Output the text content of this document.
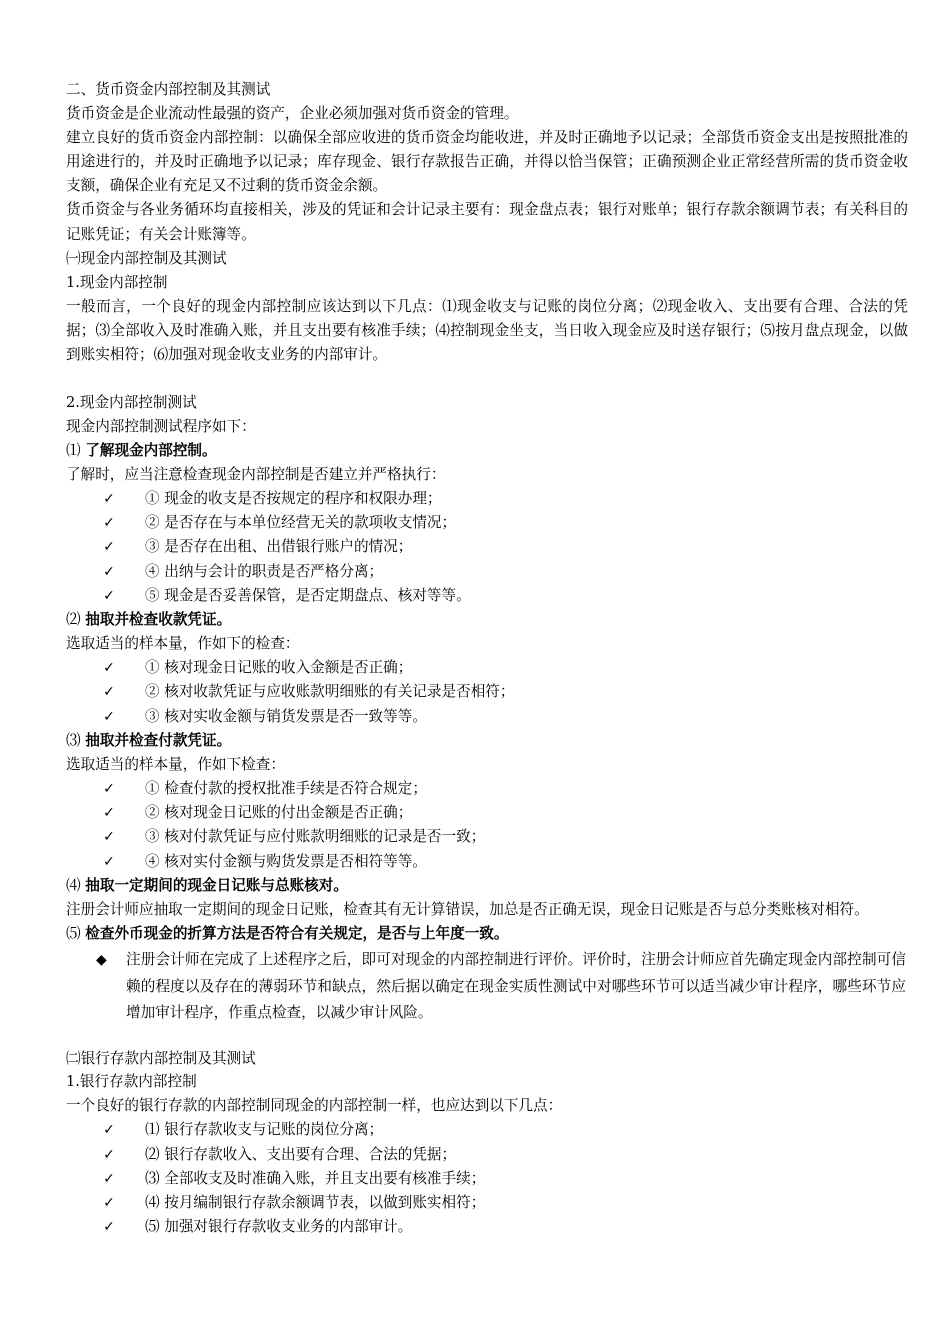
二、货币资金内部控制及其测试

货币资金是企业流动性最强的资产，企业必须加强对货币资金的管理。

建立良好的货币资金内部控制：以确保全部应收进的货币资金均能收进，并及时正确地予以记录；全部货币资金支出是按照批准的用途进行的，并及时正确地予以记录；库存现金、银行存款报告正确，并得以恰当保管；正确预测企业正常经营所需的货币资金收支额，确保企业有充足又不过剩的货币资金余额。

货币资金与各业务循环均直接相关，涉及的凭证和会计记录主要有：现金盘点表；银行对账单；银行存款余额调节表；有关科目的记账凭证；有关会计账簿等。

㈠现金内部控制及其测试

1.现金内部控制

一般而言，一个良好的现金内部控制应该达到以下几点：⑴现金收支与记账的岗位分离；⑵现金收入、支出要有合理、合法的凭据；⑶全部收入及时准确入账，并且支出要有核准手续；⑷控制现金坐支，当日收入现金应及时送存银行；⑸按月盘点现金，以做到账实相符；⑹加强对现金收支业务的内部审计。

2.现金内部控制测试

现金内部控制测试程序如下：

⑴ 了解现金内部控制。

了解时，应当注意检查现金内部控制是否建立并严格执行：

✓	① 现金的收支是否按规定的程序和权限办理；
✓	② 是否存在与本单位经营无关的款项收支情况；
✓	③ 是否存在出租、出借银行账户的情况；
✓	④ 出纳与会计的职责是否严格分离；
✓	⑤ 现金是否妥善保管，是否定期盘点、核对等等。

⑵ 抽取并检查收款凭证。

选取适当的样本量，作如下的检查：

✓	① 核对现金日记账的收入金额是否正确；
✓	② 核对收款凭证与应收账款明细账的有关记录是否相符；
✓	③ 核对实收金额与销货发票是否一致等等。

⑶ 抽取并检查付款凭证。

选取适当的样本量，作如下检查：

✓	① 检查付款的授权批准手续是否符合规定；
✓	② 核对现金日记账的付出金额是否正确；
✓	③ 核对付款凭证与应付账款明细账的记录是否一致；
✓	④ 核对实付金额与购货发票是否相符等等。

⑷ 抽取一定期间的现金日记账与总账核对。

注册会计师应抽取一定期间的现金日记账，检查其有无计算错误，加总是否正确无误，现金日记账是否与总分类账核对相符。

⑸ 检查外币现金的折算方法是否符合有关规定，是否与上年度一致。

◆	注册会计师在完成了上述程序之后，即可对现金的内部控制进行评价。评价时，注册会计师应首先确定现金内部控制可信赖的程度以及存在的薄弱环节和缺点，然后据以确定在现金实质性测试中对哪些环节可以适当减少审计程序，哪些环节应增加审计程序，作重点检查，以减少审计风险。

㈡银行存款内部控制及其测试

1.银行存款内部控制

一个良好的银行存款的内部控制同现金的内部控制一样，也应达到以下几点：

✓	⑴ 银行存款收支与记账的岗位分离；
✓	⑵ 银行存款收入、支出要有合理、合法的凭据；
✓	⑶ 全部收支及时准确入账，并且支出要有核准手续；
✓	⑷ 按月编制银行存款余额调节表，以做到账实相符；
✓	⑸ 加强对银行存款收支业务的内部审计。
